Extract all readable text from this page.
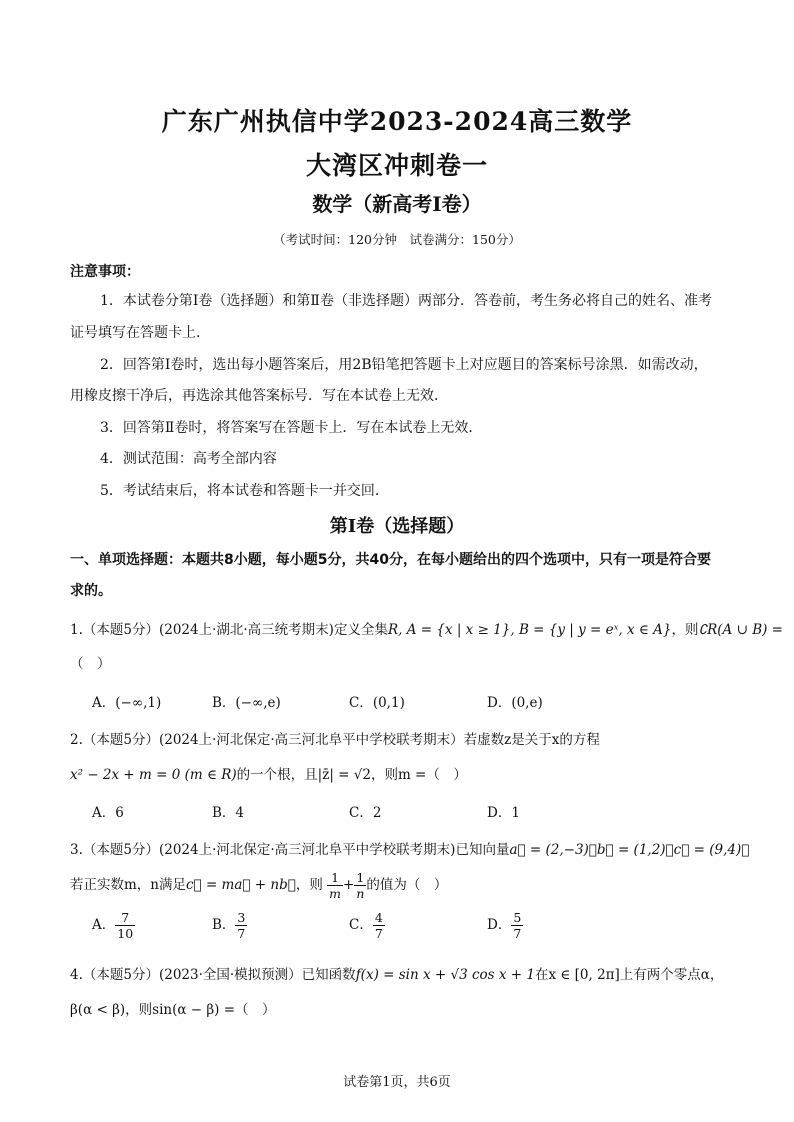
广东广州执信中学2023-2024高三数学
大湾区冲刺卷一
数学（新高考I卷）
（考试时间：120分钟　试卷满分：150分）
注意事项：
1．本试卷分第Ⅰ卷（选择题）和第Ⅱ卷（非选择题）两部分．答卷前，考生务必将自己的姓名、准考
证号填写在答题卡上．
2．回答第Ⅰ卷时，选出每小题答案后，用2B铅笔把答题卡上对应题目的答案标号涂黑．如需改动，
用橡皮擦干净后，再选涂其他答案标号．写在本试卷上无效．
3．回答第Ⅱ卷时，将答案写在答题卡上．写在本试卷上无效．
4．测试范围：高考全部内容
5．考试结束后，将本试卷和答题卡一并交回．
第Ⅰ卷（选择题）
一、单项选择题：本题共8小题，每小题5分，共40分，在每小题给出的四个选项中，只有一项是符合要
求的。
1.（本题5分）(2024上·湖北·高三统考期末)定义全集R, A = {x | x ≥ 1}, B = {y | y = eˣ, x ∈ A}，则∁R(A ∪ B) =
（　）
A．(−∞,1)	B．(−∞,e)	C．(0,1)	D．(0,e)
2.（本题5分）(2024上·河北保定·高三河北阜平中学校联考期末）若虚数z是关于x的方程
x² − 2x + m = 0 (m ∈ R)的一个根，且|z̄| = √2，则m =（　）
A．6	B．4	C．2	D．1
3.（本题5分）(2024上·河北保定·高三河北阜平中学校联考期末)已知向量a⃗ = (2,−3)，b⃗ = (1,2)，c⃗ = (9,4)，
若正实数m，n满足c⃗ = ma⃗ + nb⃗，则 $\frac{1}{m} + \frac{1}{n}$ 的值为（　）
A． $\frac{7}{10}$	B． $\frac{3}{7}$	C． $\frac{4}{7}$	D． $\frac{5}{7}$
4.（本题5分）(2023·全国·模拟预测）已知函数f(x) = sin x + √3 cos x + 1在x ∈ [0, 2π]上有两个零点α，
β(α < β)，则sin(α − β) =（　）
试卷第1页，共6页
